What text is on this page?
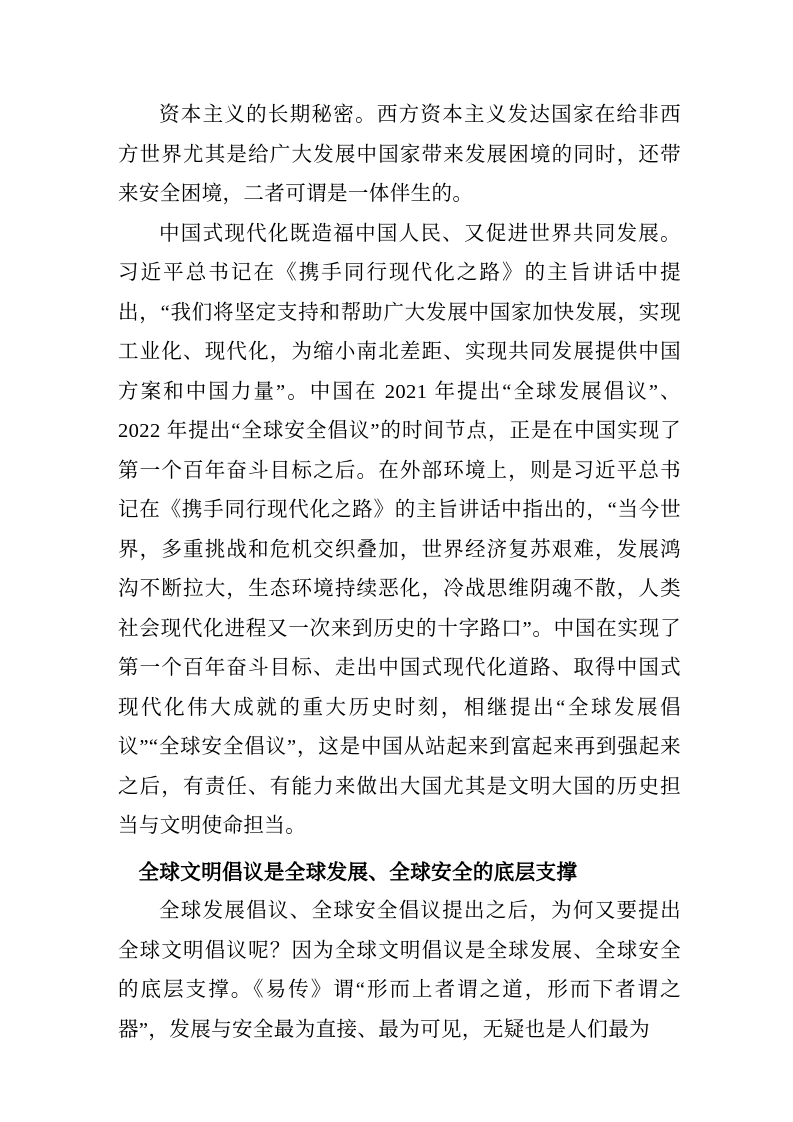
资本主义的长期秘密。西方资本主义发达国家在给非西方世界尤其是给广大发展中国家带来发展困境的同时，还带来安全困境，二者可谓是一体伴生的。

中国式现代化既造福中国人民、又促进世界共同发展。习近平总书记在《携手同行现代化之路》的主旨讲话中提出，“我们将坚定支持和帮助广大发展中国家加快发展，实现工业化、现代化，为缩小南北差距、实现共同发展提供中国方案和中国力量”。中国在 2021 年提出“全球发展倡议”、2022 年提出“全球安全倡议”的时间节点，正是在中国实现了第一个百年奋斗目标之后。在外部环境上，则是习近平总书记在《携手同行现代化之路》的主旨讲话中指出的，“当今世界，多重挑战和危机交织叠加，世界经济复苏艰难，发展鸿沟不断拉大，生态环境持续恶化，冷战思维阴魂不散，人类社会现代化进程又一次来到历史的十字路口”。中国在实现了第一个百年奋斗目标、走出中国式现代化道路、取得中国式现代化伟大成就的重大历史时刻，相继提出“全球发展倡议”“全球安全倡议”，这是中国从站起来到富起来再到强起来之后，有责任、有能力来做出大国尤其是文明大国的历史担当与文明使命担当。

全球文明倡议是全球发展、全球安全的底层支撑

全球发展倡议、全球安全倡议提出之后，为何又要提出全球文明倡议呢？因为全球文明倡议是全球发展、全球安全的底层支撑。《易传》谓“形而上者谓之道，形而下者谓之器”，发展与安全最为直接、最为可见，无疑也是人们最为
